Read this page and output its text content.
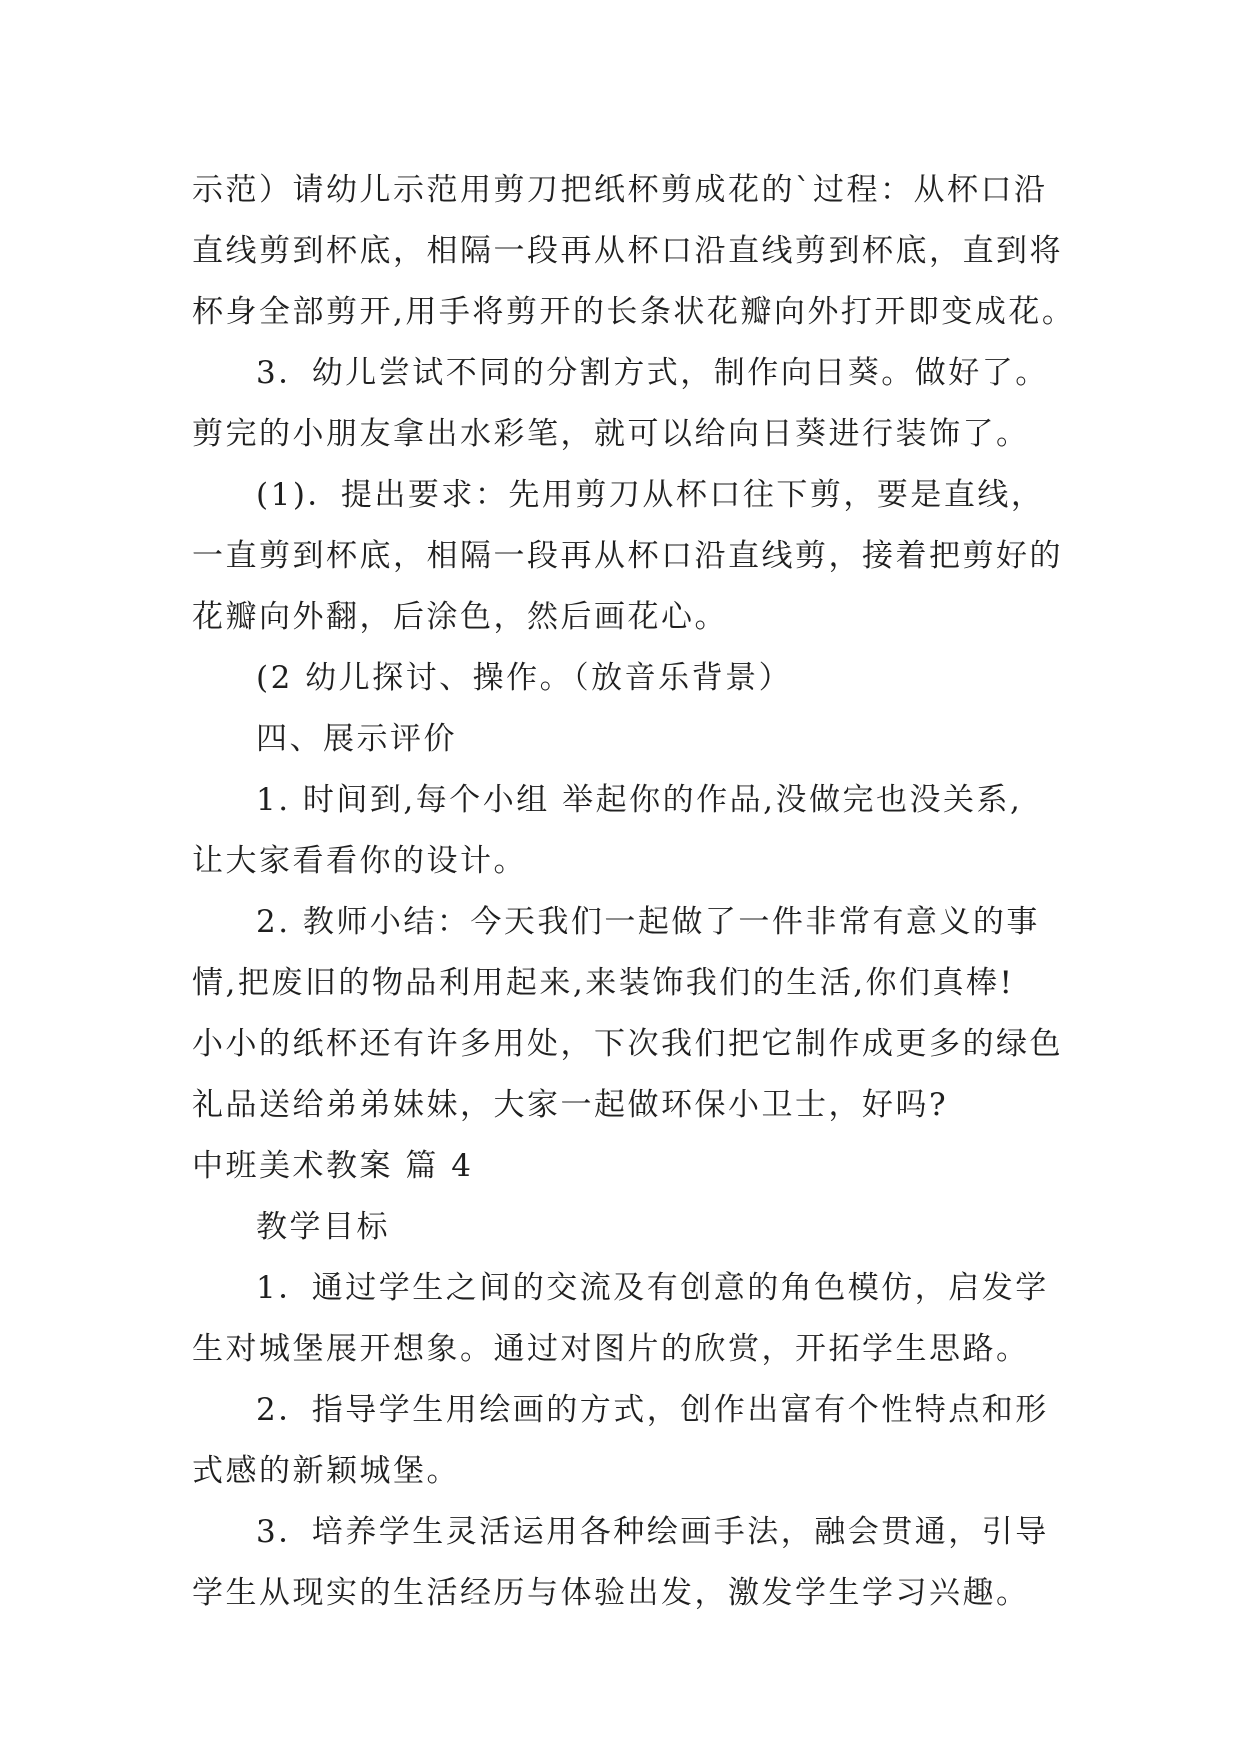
示范）请幼儿示范用剪刀把纸杯剪成花的`过程：从杯口沿
直线剪到杯底，相隔一段再从杯口沿直线剪到杯底，直到将
杯身全部剪开,用手将剪开的长条状花瓣向外打开即变成花。
3．幼儿尝试不同的分割方式，制作向日葵。做好了。
剪完的小朋友拿出水彩笔，就可以给向日葵进行装饰了。
(1)．提出要求：先用剪刀从杯口往下剪，要是直线，
一直剪到杯底，相隔一段再从杯口沿直线剪，接着把剪好的
花瓣向外翻，后涂色，然后画花心。
(2 幼儿探讨、操作。（放音乐背景）
四、展示评价
1. 时间到,每个小组 举起你的作品,没做完也没关系,
让大家看看你的设计。
2. 教师小结：今天我们一起做了一件非常有意义的事
情,把废旧的物品利用起来,来装饰我们的生活,你们真棒!
小小的纸杯还有许多用处，下次我们把它制作成更多的绿色
礼品送给弟弟妹妹，大家一起做环保小卫士，好吗?
中班美术教案 篇 4
教学目标
1．通过学生之间的交流及有创意的角色模仿，启发学
生对城堡展开想象。通过对图片的欣赏，开拓学生思路。
2．指导学生用绘画的方式，创作出富有个性特点和形
式感的新颖城堡。
3．培养学生灵活运用各种绘画手法，融会贯通，引导
学生从现实的生活经历与体验出发，激发学生学习兴趣。
